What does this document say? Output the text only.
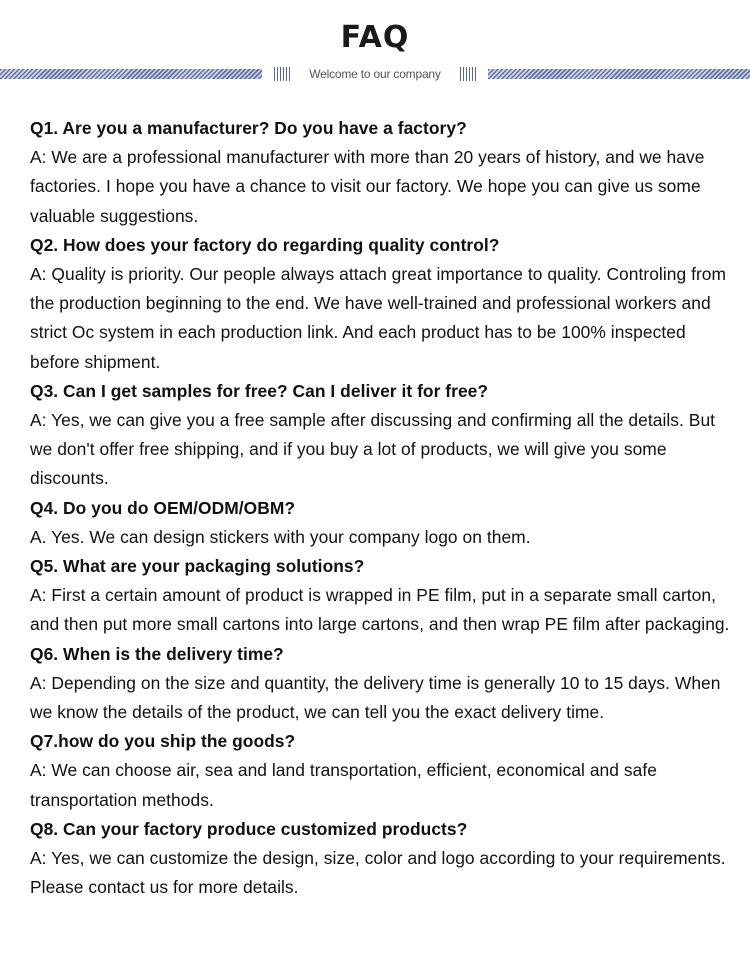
FAQ
Welcome to our company
Q1. Are you a manufacturer? Do you have a factory?
A: We are a professional manufacturer with more than 20 years of history, and we have factories. I hope you have a chance to visit our factory. We hope you can give us some valuable suggestions.
Q2. How does your factory do regarding quality control?
A: Quality is priority. Our people always attach great importance to quality. Controling from the production beginning to the end. We have well-trained and professional workers and strict Oc system in each production link. And each product has to be 100% inspected before shipment.
Q3. Can I get samples for free? Can I deliver it for free?
A: Yes, we can give you a free sample after discussing and confirming all the details. But we don't offer free shipping, and if you buy a lot of products, we will give you some discounts.
Q4. Do you do OEM/ODM/OBM?
A. Yes. We can design stickers with your company logo on them.
Q5. What are your packaging solutions?
A: First a certain amount of product is wrapped in PE film, put in a separate small carton, and then put more small cartons into large cartons, and then wrap PE film after packaging.
Q6. When is the delivery time?
A: Depending on the size and quantity, the delivery time is generally 10 to 15 days. When we know the details of the product, we can tell you the exact delivery time.
Q7.how do you ship the goods?
A: We can choose air, sea and land transportation, efficient, economical and safe transportation methods.
Q8. Can your factory produce customized products?
A: Yes, we can customize the design, size, color and logo according to your requirements. Please contact us for more details.
